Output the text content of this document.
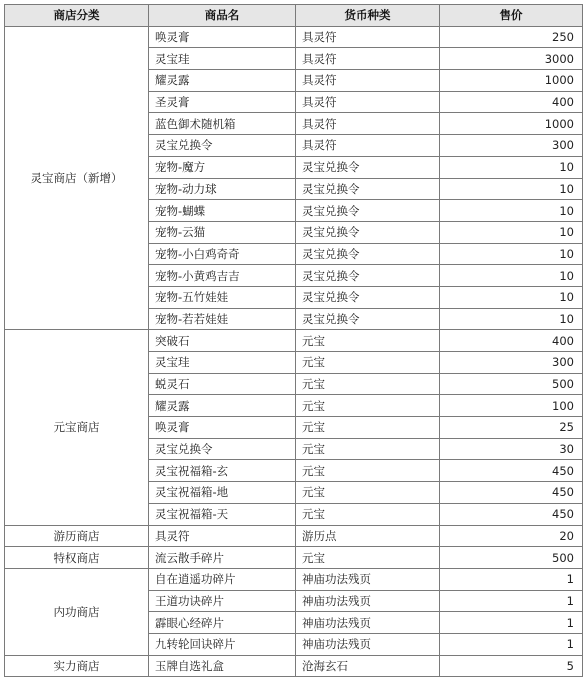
商店分类	商品名	货币种类	售价
灵宝商店（新增）	唤灵膏	具灵符	250
	灵宝珪	具灵符	3000
	耀灵露	具灵符	1000
	圣灵膏	具灵符	400
	蓝色御术随机箱	具灵符	1000
	灵宝兑换令	具灵符	300
	宠物-魔方	灵宝兑换令	10
	宠物-动力球	灵宝兑换令	10
	宠物-蝴蝶	灵宝兑换令	10
	宠物-云猫	灵宝兑换令	10
	宠物-小白鸡奇奇	灵宝兑换令	10
	宠物-小黄鸡吉吉	灵宝兑换令	10
	宠物-五竹娃娃	灵宝兑换令	10
	宠物-若若娃娃	灵宝兑换令	10
元宝商店	突破石	元宝	400
	灵宝珪	元宝	300
	蜕灵石	元宝	500
	耀灵露	元宝	100
	唤灵膏	元宝	25
	灵宝兑换令	元宝	30
	灵宝祝福箱-玄	元宝	450
	灵宝祝福箱-地	元宝	450
	灵宝祝福箱-天	元宝	450
游历商店	具灵符	游历点	20
特权商店	流云散手碎片	元宝	500
内功商店	自在逍遥功碎片	神庙功法残页	1
	王道功诀碎片	神庙功法残页	1
	霹眼心经碎片	神庙功法残页	1
	九转轮回诀碎片	神庙功法残页	1
实力商店	玉牌自选礼盒	沧海玄石	5
